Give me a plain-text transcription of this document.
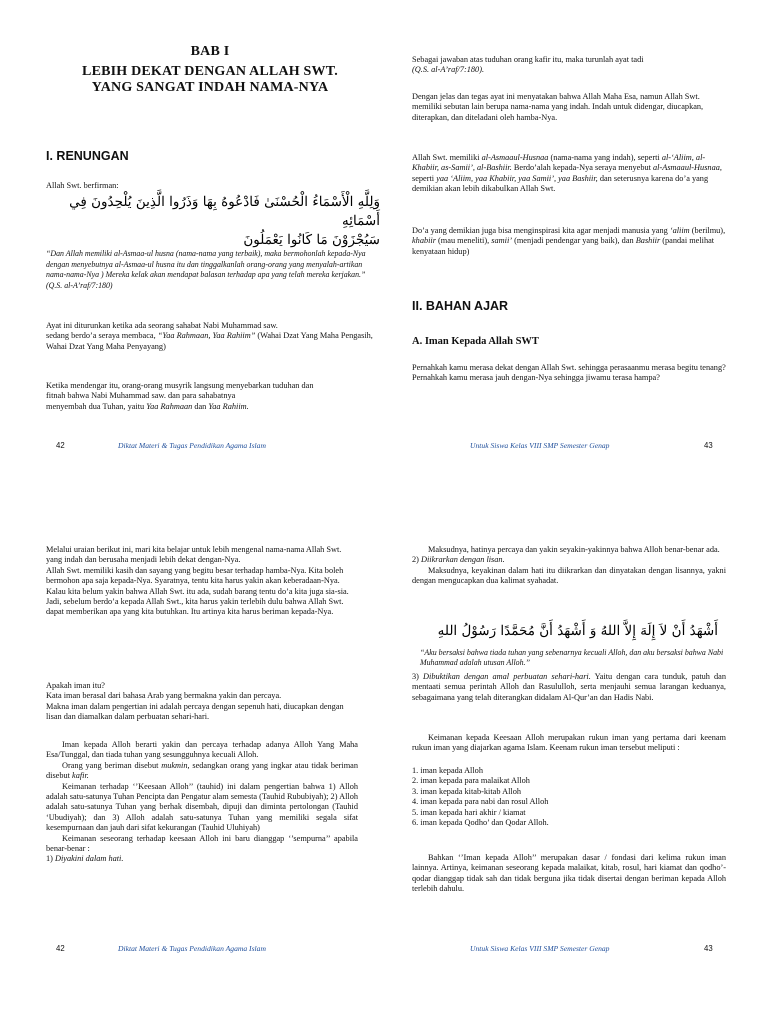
BAB I
LEBIH DEKAT DENGAN ALLAH SWT.
YANG SANGAT INDAH NAMA-NYA
I. RENUNGAN

Allah Swt. berfirman:

وَلِلَّهِ الْأَسْمَاءُ الْحُسْنَىٰ فَادْعُوهُ بِهَا وَذَرُوا الَّذِينَ يُلْحِدُونَ فِي أَسْمَائِهِ
سَيُجْزَوْنَ مَا كَانُوا يَعْمَلُونَ

“Dan Allah memiliki al-Asmaa-ul husna (nama-nama yang terbaik), maka bermohonlah kepada-Nya dengan menyebutnya al-Asmaa-ul husna itu dan tinggalkanlah orang-orang yang menyalah-artikan nama-nama-Nya ) Mereka kelak akan mendapat balasan terhadap apa yang telah mereka kerjakan.” (Q.S. al-A’raf/7:180)

Ayat ini diturunkan ketika ada seorang sahabat Nabi Muhammad saw.
sedang berdo’a seraya membaca, “Yaa Rahmaan, Yaa Rahiim” (Wahai Dzat Yang Maha Pengasih, Wahai Dzat Yang Maha Penyayang)

Ketika mendengar itu, orang-orang musyrik langsung menyebarkan tuduhan dan fitnah bahwa Nabi Muhammad saw. dan para sahabatnya
menyembah dua Tuhan, yaitu Yaa Rahmaan dan Yaa Rahiim.

42	Diktat Materi & Tugas Pendidikan Agama Islam

Sebagai jawaban atas tuduhan orang kafir itu, maka turunlah ayat tadi

(Q.S. al-A’raf/7:180).

Dengan jelas dan tegas ayat ini menyatakan bahwa Allah Maha Esa, namun Allah Swt. memiliki sebutan lain berupa nama-nama yang indah. Indah untuk didengar, diucapkan, diterapkan, dan diteladani oleh hamba-Nya.

Allah Swt. memiliki al-Asmaaul-Husnaa (nama-nama yang indah), seperti al-‘Aliim, al-Khabiir, as-Samii’, al-Bashiir. Berdo’alah kepada-Nya seraya menyebut al-Asmaaul-Husnaa, seperti yaa ‘Aliim, yaa Khabiir, yaa Samii’, yaa Bashiir, dan seterusnya karena do’a yang demikian akan lebih dikabulkan Allah Swt.

Do’a yang demikian juga bisa menginspirasi kita agar menjadi manusia yang ‘aliim (berilmu), khabiir (mau meneliti), samii’ (menjadi pendengar yang baik), dan Bashiir (pandai melihat kenyataan hidup)

II. BAHAN AJAR
A. Iman Kepada Allah SWT

Pernahkah kamu merasa dekat dengan Allah Swt. sehingga perasaanmu merasa begitu tenang? Pernahkah kamu merasa jauh dengan-Nya sehingga jiwamu terasa hampa?

Untuk Siswa Kelas VIII SMP Semester Genap	43

Melalui uraian berikut ini, mari kita belajar untuk lebih mengenal nama-nama Allah Swt. yang indah dan berusaha menjadi lebih dekat dengan-Nya.

Allah Swt. memiliki kasih dan sayang yang begitu besar terhadap hamba-Nya. Kita boleh bermohon apa saja kepada-Nya. Syaratnya, tentu kita harus yakin akan keberadaan-Nya. Kalau kita belum yakin bahwa Allah Swt. itu ada, sudah barang tentu do’a kita juga sia-sia. Jadi, sebelum berdo’a kepada Allah Swt., kita harus yakin terlebih dulu bahwa Allah Swt. dapat memberikan apa yang kita butuhkan. Itu artinya kita harus beriman kepada-Nya.

Apakah iman itu?

Kata iman berasal dari bahasa Arab yang bermakna yakin dan percaya.

Makna iman dalam pengertian ini adalah percaya dengan sepenuh hati, diucapkan dengan lisan dan diamalkan dalam perbuatan sehari-hari.

Iman kepada Alloh berarti yakin dan percaya terhadap adanya Alloh Yang Maha Esa/Tunggal, dan tiada tuhan yang sesungguhnya kecuali Alloh.

Orang yang beriman disebut mukmin, sedangkan orang yang ingkar atau tidak beriman disebut kafir.

Keimanan terhadap ‘’Keesaan Alloh’’ (tauhid) ini dalam pengertian bahwa 1) Alloh adalah satu-satunya Tuhan Pencipta dan Pengatur alam semesta (Tauhid Rububiyah); 2) Alloh adalah satu-satunya Tuhan yang berhak disembah, dipuji dan diminta pertolongan (Tauhid ‘Ubudiyah); dan 3) Alloh adalah satu-satunya Tuhan yang memiliki segala sifat kesempurnaan dan jauh dari sifat kekurangan (Tauhid Uluhiyah)

Keimanan seseorang terhadap keesaan Alloh ini baru dianggap ‘’sempurna’’ apabila benar-benar :

1) Diyakini dalam hati.

42	Diktat Materi & Tugas Pendidikan Agama Islam

Maksudnya, hatinya percaya dan yakin seyakin-yakinnya bahwa Alloh benar-benar ada.

2) Diikrarkan dengan lisan.

Maksudnya, keyakinan dalam hati itu diikrarkan dan dinyatakan dengan lisannya, yakni dengan mengucapkan dua kalimat syahadat.

أَشْهَدُ أَنْ لاَ إِلَهَ إِلاَّ اللهُ وَ أَشْهَدُ أَنَّ مُحَمَّدًا رَسُوْلُ اللهِ

“Aku bersaksi bahwa tiada tuhan yang sebenarnya kecuali Alloh, dan aku bersaksi bahwa Nabi Muhammad adalah utusan Alloh.’’

3) Dibuktikan dengan amal perbuatan sehari-hari. Yaitu dengan cara tunduk, patuh dan mentaati semua perintah Alloh dan Rasululloh, serta menjauhi semua larangan keduanya, sebagaimana yang telah diterangkan didalam Al-Qur’an dan Hadis Nabi.

Keimanan kepada Keesaan Alloh merupakan rukun iman yang pertama dari keenam rukun iman yang diajarkan agama Islam. Keenam rukun iman tersebut meliputi :

1. iman kepada Alloh

2. iman kepada para malaikat Alloh

3. iman kepada kitab-kitab Alloh

4. iman kepada para nabi dan rosul Alloh

5. iman kepada hari akhir / kiamat

6. iman kepada Qodho’ dan Qodar Alloh.

Bahkan ‘’Iman kepada Alloh’’ merupakan dasar / fondasi dari kelima rukun iman lainnya. Artinya, keimanan seseorang kepada malaikat, kitab, rosul, hari kiamat dan qodho’-qodar dianggap tidak sah dan tidak berguna jika tidak disertai dengan beriman kepada Alloh terlebih dahulu.

Untuk Siswa Kelas VIII SMP Semester Genap	43
